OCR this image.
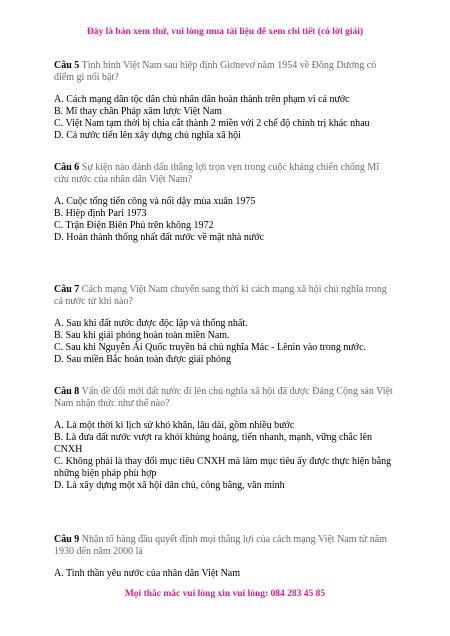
Đây là bản xem thử, vui lòng mua tài liệu để xem chi tiết (có lời giải)
Câu 5 Tình hình Việt Nam sau hiệp định Giơnevơ năm 1954 về Đông Dương có điểm gì nổi bật?
A. Cách mạng dân tộc dân chủ nhân dân hoàn thành trên phạm vi cả nước
B. Mĩ thay chân Pháp xâm lược Việt Nam
C. Việt Nam tạm thời bị chia cắt thành 2 miền với 2 chế độ chính trị khác nhau
D. Cả nước tiến lên xây dựng chủ nghĩa xã hội
Câu 6 Sự kiện nào đánh dấu thắng lợi trọn vẹn trong cuộc kháng chiến chống Mĩ cứu nước của nhân dân Việt Nam?
A. Cuộc tổng tiến công và nổi dậy mùa xuân 1975
B. Hiệp định Pari 1973
C. Trận Điện Biên Phủ trên không 1972
D. Hoàn thành thống nhất đất nước về mặt nhà nước
Câu 7 Cách mạng Việt Nam chuyển sang thời kì cách mạng xã hội chủ nghĩa trong cả nước từ khi nào?
A. Sau khi đất nước được độc lập và thống nhất.
B. Sau khi giải phóng hoàn toàn miền Nam.
C. Sau khi Nguyễn Ái Quốc truyền bá chủ nghĩa Mác - Lênin vào trong nước.
D. Sau miền Bắc hoàn toàn được giải phóng
Câu 8 Vấn đề đối mới đất nước đi lên chủ nghĩa xã hội đã được Đảng Cộng sản Việt Nam nhận thức như thế nào?
A. Là một thời kì lịch sử khó khăn, lâu dài, gồm nhiều bước
B. Là đưa đất nước vượt ra khỏi khủng hoảng, tiến nhanh, mạnh, vững chắc lên CNXH
C. Không phải là thay đổi mục tiêu CNXH mà làm mục tiêu ấy được thực hiện bằng những biện pháp phù hợp
D. Là xây dựng một xã hội dân chủ, công bằng, văn minh
Câu 9 Nhân tố hàng đầu quyết định mọi thắng lợi của cách mạng Việt Nam từ năm 1930 đến năm 2000 là
A. Tinh thần yêu nước của nhân dân Việt Nam
Mọi thắc mắc vui lòng xin vui lòng: 084 283 45 85
